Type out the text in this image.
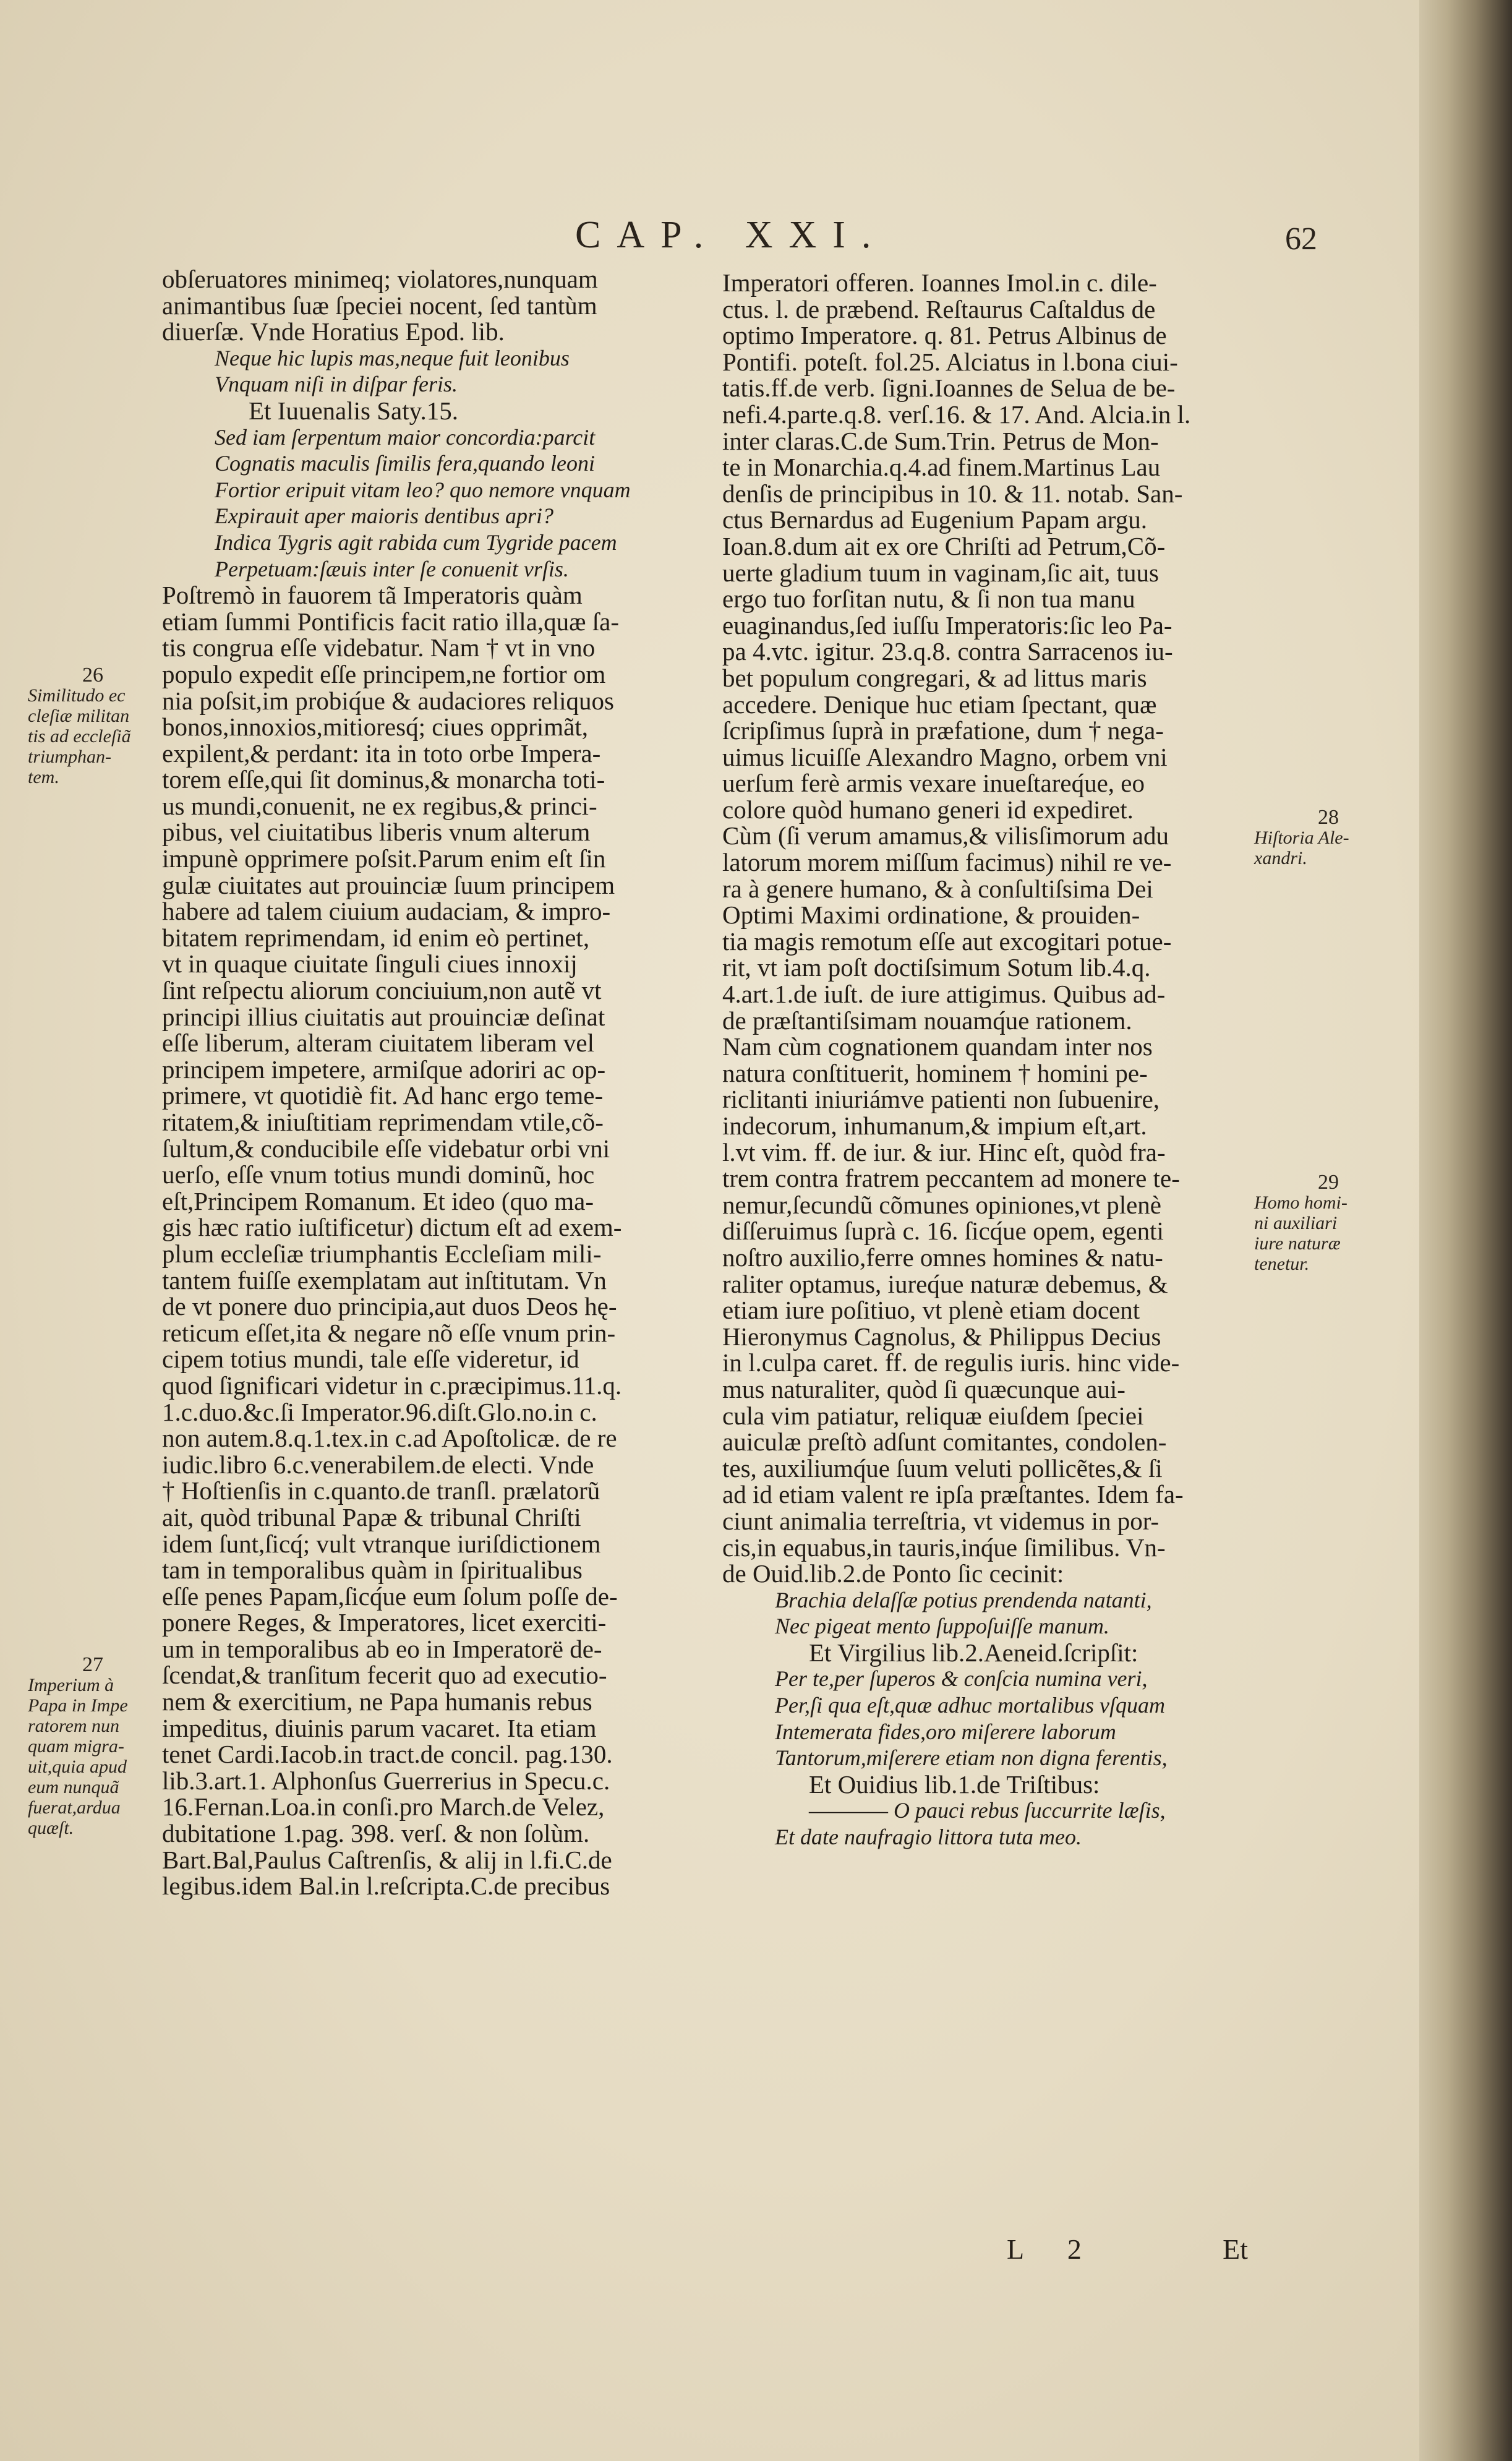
CAP. XXI.	62
obſeruatores minimeq; violatores,nunquam
animantibus ſuæ ſpeciei nocent, ſed tantùm
diuerſæ. Vnde Horatius Epod. lib.
Neque hic lupis mas,neque fuit leonibus
Vnquam niſi in diſpar feris.
Et Iuuenalis Saty.15.
Sed iam ſerpentum maior concordia:parcit
Cognatis maculis ſimilis fera,quando leoni
Fortior eripuit vitam leo? quo nemore vnquam
Expirauit aper maioris dentibus apri?
Indica Tygris agit rabida cum Tygride pacem
Perpetuam:ſæuis inter ſe conuenit vrſis.
Poſtremò in fauorem tã Imperatoris quàm
etiam ſummi Pontificis facit ratio illa,quæ ſa-
tis congrua eſſe videbatur. Nam † vt in vno
populo expedit eſſe principem,ne fortior om
nia poſsit,im probiq́ue & audaciores reliquos
bonos,innoxios,mitioresq́; ciues opprimãt,
expilent,& perdant: ita in toto orbe Impera-
torem eſſe,qui ſit dominus,& monarcha toti-
us mundi,conuenit, ne ex regibus,& princi-
pibus, vel ciuitatibus liberis vnum alterum
impunè opprimere poſsit.Parum enim eſt ſin
gulæ ciuitates aut prouinciæ ſuum principem
habere ad talem ciuium audaciam, & impro-
bitatem reprimendam, id enim eò pertinet,
vt in quaque ciuitate ſinguli ciues innoxij
ſint reſpectu aliorum conciuium,non autẽ vt
principi illius ciuitatis aut prouinciæ deſinat
eſſe liberum, alteram ciuitatem liberam vel
principem impetere, armiſque adoriri ac op-
primere, vt quotidiè fit. Ad hanc ergo teme-
ritatem,& iniuſtitiam reprimendam vtile,cõ-
ſultum,& conducibile eſſe videbatur orbi vni
uerſo, eſſe vnum totius mundi dominũ, hoc
eſt,Principem Romanum. Et ideo (quo ma-
gis hæc ratio iuſtificetur) dictum eſt ad exem-
plum eccleſiæ triumphantis Eccleſiam mili-
tantem fuiſſe exemplatam aut inſtitutam. Vn
de vt ponere duo principia,aut duos Deos hę-
reticum eſſet,ita & negare nõ eſſe vnum prin-
cipem totius mundi, tale eſſe videretur, id
quod ſignificari videtur in c.præcipimus.11.q.
1.c.duo.&c.ſi Imperator.96.diſt.Glo.no.in c.
non autem.8.q.1.tex.in c.ad Apoſtolicæ. de re
iudic.libro 6.c.venerabilem.de electi. Vnde
† Hoſtienſis in c.quanto.de tranſl. prælatorũ
ait, quòd tribunal Papæ & tribunal Chriſti
idem ſunt,ſicq́; vult vtranque iuriſdictionem
tam in temporalibus quàm in ſpiritualibus
eſſe penes Papam,ſicq́ue eum ſolum poſſe de-
ponere Reges, & Imperatores, licet exerciti-
um in temporalibus ab eo in Imperatorë de-
ſcendat,& tranſitum fecerit quo ad executio-
nem & exercitium, ne Papa humanis rebus
impeditus, diuinis parum vacaret. Ita etiam
tenet Cardi.Iacob.in tract.de concil. pag.130.
lib.3.art.1. Alphonſus Guerrerius in Specu.c.
16.Fernan.Loa.in conſi.pro March.de Velez,
dubitatione 1.pag. 398. verſ. & non ſolùm.
Bart.Bal,Paulus Caſtrenſis, & alij in l.fi.C.de
legibus.idem Bal.in l.reſcripta.C.de precibus
Imperatori offeren. Ioannes Imol.in c. dile-
ctus. l. de præbend. Reſtaurus Caſtaldus de
optimo Imperatore. q. 81. Petrus Albinus de
Pontifi. poteſt. fol.25. Alciatus in l.bona ciui-
tatis.ff.de verb. ſigni.Ioannes de Selua de be-
nefi.4.parte.q.8. verſ.16. & 17. And. Alcia.in l.
inter claras.C.de Sum.Trin. Petrus de Mon-
te in Monarchia.q.4.ad finem.Martinus Lau
denſis de principibus in 10. & 11. notab. San-
ctus Bernardus ad Eugenium Papam argu.
Ioan.8.dum ait ex ore Chriſti ad Petrum,Cõ-
uerte gladium tuum in vaginam,ſic ait, tuus
ergo tuo forſitan nutu, & ſi non tua manu
euaginandus,ſed iuſſu Imperatoris:ſic leo Pa-
pa 4.vtc. igitur. 23.q.8. contra Sarracenos iu-
bet populum congregari, & ad littus maris
accedere. Denique huc etiam ſpectant, quæ
ſcripſimus ſuprà in præfatione, dum † nega-
uimus licuiſſe Alexandro Magno, orbem vni
uerſum ferè armis vexare inueſtareq́ue, eo
colore quòd humano generi id expediret.
Cùm (ſi verum amamus,& vilisſimorum adu
latorum morem miſſum facimus) nihil re ve-
ra à genere humano, & à conſultiſsima Dei
Optimi Maximi ordinatione, & prouiden-
tia magis remotum eſſe aut excogitari potue-
rit, vt iam poſt doctiſsimum Sotum lib.4.q.
4.art.1.de iuſt. de iure attigimus. Quibus ad-
de præſtantiſsimam nouamq́ue rationem.
Nam cùm cognationem quandam inter nos
natura conſtituerit, hominem † homini pe-
riclitanti iniuriámve patienti non ſubuenire,
indecorum, inhumanum,& impium eſt,art.
l.vt vim. ff. de iur. & iur. Hinc eſt, quòd fra-
trem contra fratrem peccantem ad monere te-
nemur,ſecundũ cõmunes opiniones,vt plenè
diſſeruimus ſuprà c. 16. ſicq́ue opem, egenti
noſtro auxilio,ferre omnes homines & natu-
raliter optamus, iureq́ue naturæ debemus, &
etiam iure poſitiuo, vt plenè etiam docent
Hieronymus Cagnolus, & Philippus Decius
in l.culpa caret. ff. de regulis iuris. hinc vide-
mus naturaliter, quòd ſi quæcunque aui-
cula vim patiatur, reliquæ eiuſdem ſpeciei
auiculæ preſtò adſunt comitantes, condolen-
tes, auxiliumq́ue ſuum veluti pollicẽtes,& ſi
ad id etiam valent re ipſa præſtantes. Idem fa-
ciunt animalia terreſtria, vt videmus in por-
cis,in equabus,in tauris,inq́ue ſimilibus. Vn-
de Ouid.lib.2.de Ponto ſic cecinit:
Brachia delaſſæ potius prendenda natanti,
Nec pigeat mento ſuppoſuiſſe manum.
Et Virgilius lib.2.Aeneid.ſcripſit:
Per te,per ſuperos & conſcia numina veri,
Per,ſi qua eſt,quæ adhuc mortalibus vſquam
Intemerata fides,oro miſerere laborum
Tantorum,miſerere etiam non digna ferentis,
Et Ouidius lib.1.de Triſtibus:
———— O pauci rebus ſuccurrite læſis,
Et date naufragio littora tuta meo.
26
Similitudo ec
cleſiæ militan
tis ad eccleſiã
triumphan-
tem.
27
Imperium à
Papa in Impe
ratorem nun
quam migra-
uit,quia apud
eum nunquã
fuerat,ardua
quæſt.
28
Hiſtoria Ale-
xandri.
29
Homo homi-
ni auxiliari
iure naturæ
tenetur.
L 2	Et
